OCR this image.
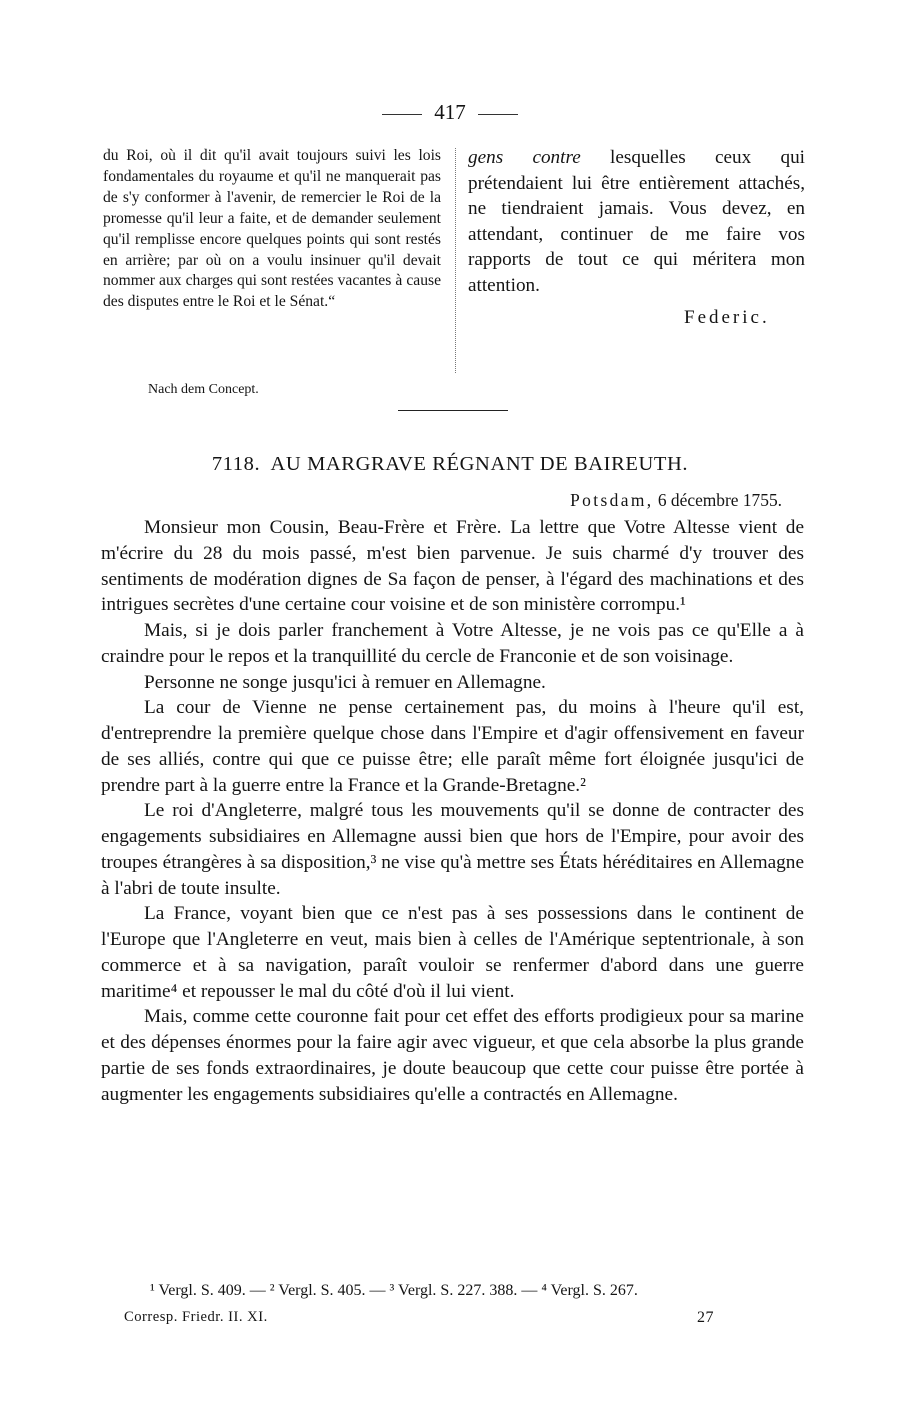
417

du Roi, où il dit qu'il avait toujours suivi les lois fondamentales du royaume et qu'il ne manquerait pas de s'y conformer à l'avenir, de remercier le Roi de la promesse qu'il leur a faite, et de demander seulement qu'il remplisse encore quelques points qui sont restés en arrière; par où on a voulu insinuer qu'il devait nommer aux charges qui sont restées vacantes à cause des disputes entre le Roi et le Sénat.“

Nach dem Concept.

gens contre lesquelles ceux qui prétendaient lui être entièrement attachés, ne tiendraient jamais. Vous devez, en attendant, continuer de me faire vos rapports de tout ce qui méritera mon attention.

Federic.
7118. AU MARGRAVE RÉGNANT DE BAIREUTH.
Potsdam, 6 décembre 1755.

Monsieur mon Cousin, Beau-Frère et Frère. La lettre que Votre Altesse vient de m'écrire du 28 du mois passé, m'est bien parvenue. Je suis charmé d'y trouver des sentiments de modération dignes de Sa façon de penser, à l'égard des machinations et des intrigues secrètes d'une certaine cour voisine et de son ministère corrompu.¹

Mais, si je dois parler franchement à Votre Altesse, je ne vois pas ce qu'Elle a à craindre pour le repos et la tranquillité du cercle de Franconie et de son voisinage.

Personne ne songe jusqu'ici à remuer en Allemagne.

La cour de Vienne ne pense certainement pas, du moins à l'heure qu'il est, d'entreprendre la première quelque chose dans l'Empire et d'agir offensivement en faveur de ses alliés, contre qui que ce puisse être; elle paraît même fort éloignée jusqu'ici de prendre part à la guerre entre la France et la Grande-Bretagne.²

Le roi d'Angleterre, malgré tous les mouvements qu'il se donne de contracter des engagements subsidiaires en Allemagne aussi bien que hors de l'Empire, pour avoir des troupes étrangères à sa disposition,³ ne vise qu'à mettre ses États héréditaires en Allemagne à l'abri de toute insulte.

La France, voyant bien que ce n'est pas à ses possessions dans le continent de l'Europe que l'Angleterre en veut, mais bien à celles de l'Amérique septentrionale, à son commerce et à sa navigation, paraît vouloir se renfermer d'abord dans une guerre maritime⁴ et repousser le mal du côté d'où il lui vient.

Mais, comme cette couronne fait pour cet effet des efforts prodigieux pour sa marine et des dépenses énormes pour la faire agir avec vigueur, et que cela absorbe la plus grande partie de ses fonds extraordinaires, je doute beaucoup que cette cour puisse être portée à augmenter les engagements subsidiaires qu'elle a contractés en Allemagne.

¹ Vergl. S. 409. — ² Vergl. S. 405. — ³ Vergl. S. 227. 388. — ⁴ Vergl. S. 267.
Corresp. Friedr. II. XI.	27
